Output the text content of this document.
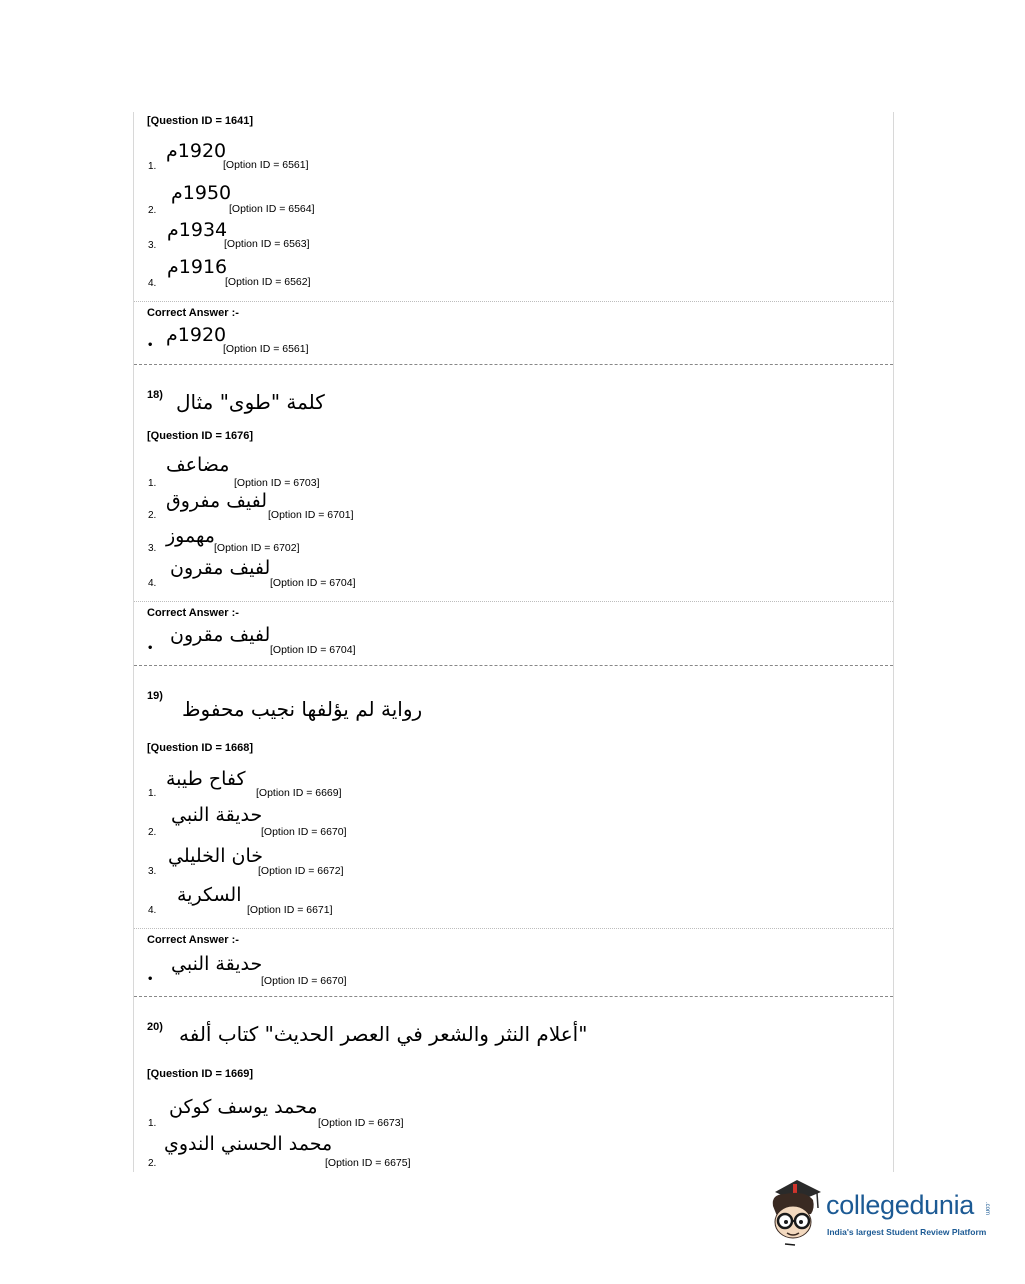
[Question ID = 1641]
1.
1920م
[Option ID = 6561]
2.
1950م
[Option ID = 6564]
3.
1934م
[Option ID = 6563]
4.
1916م
[Option ID = 6562]
Correct Answer :-
• 1920م
[Option ID = 6561]
18) كلمة "طوى" مثال
[Question ID = 1676]
1.
مضاعف
[Option ID = 6703]
2.
لفيف مفروق
[Option ID = 6701]
3.
مهموز
[Option ID = 6702]
4.
لفيف مقرون
[Option ID = 6704]
Correct Answer :-
•
لفيف مقرون
[Option ID = 6704]
19)
رواية لم يؤلفها نجيب محفوظ
[Question ID = 1668]
1.
كفاح طيبة
[Option ID = 6669]
2.
حديقة النبي
[Option ID = 6670]
3.
خان الخليلي
[Option ID = 6672]
4.
السكرية
[Option ID = 6671]
Correct Answer :-
•
حديقة النبي
[Option ID = 6670]
20) "أعلام النثر والشعر في العصر الحديث" كتاب ألفه
[Question ID = 1669]
1.
محمد يوسف كوكن
[Option ID = 6673]
2.
محمد الحسني الندوي
[Option ID = 6675]
collegedunia .com
India's largest Student Review Platform
